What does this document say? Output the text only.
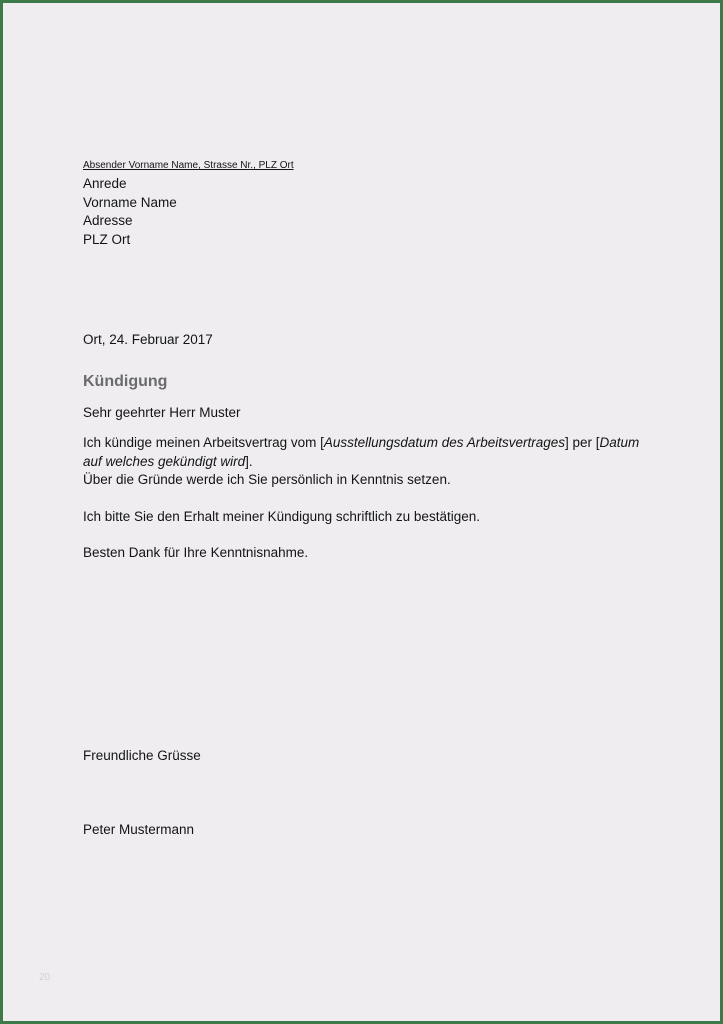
Absender Vorname Name, Strasse Nr., PLZ Ort
Anrede
Vorname Name
Adresse
PLZ Ort
Ort, 24. Februar 2017
Kündigung
Sehr geehrter Herr Muster
Ich kündige meinen Arbeitsvertrag vom [Ausstellungsdatum des Arbeitsvertrages] per [Datum
auf welches gekündigt wird].
Über die Gründe werde ich Sie persönlich in Kenntnis setzen.
Ich bitte Sie den Erhalt meiner Kündigung schriftlich zu bestätigen.
Besten Dank für Ihre Kenntnisnahme.
Freundliche Grüsse
Peter Mustermann
20
